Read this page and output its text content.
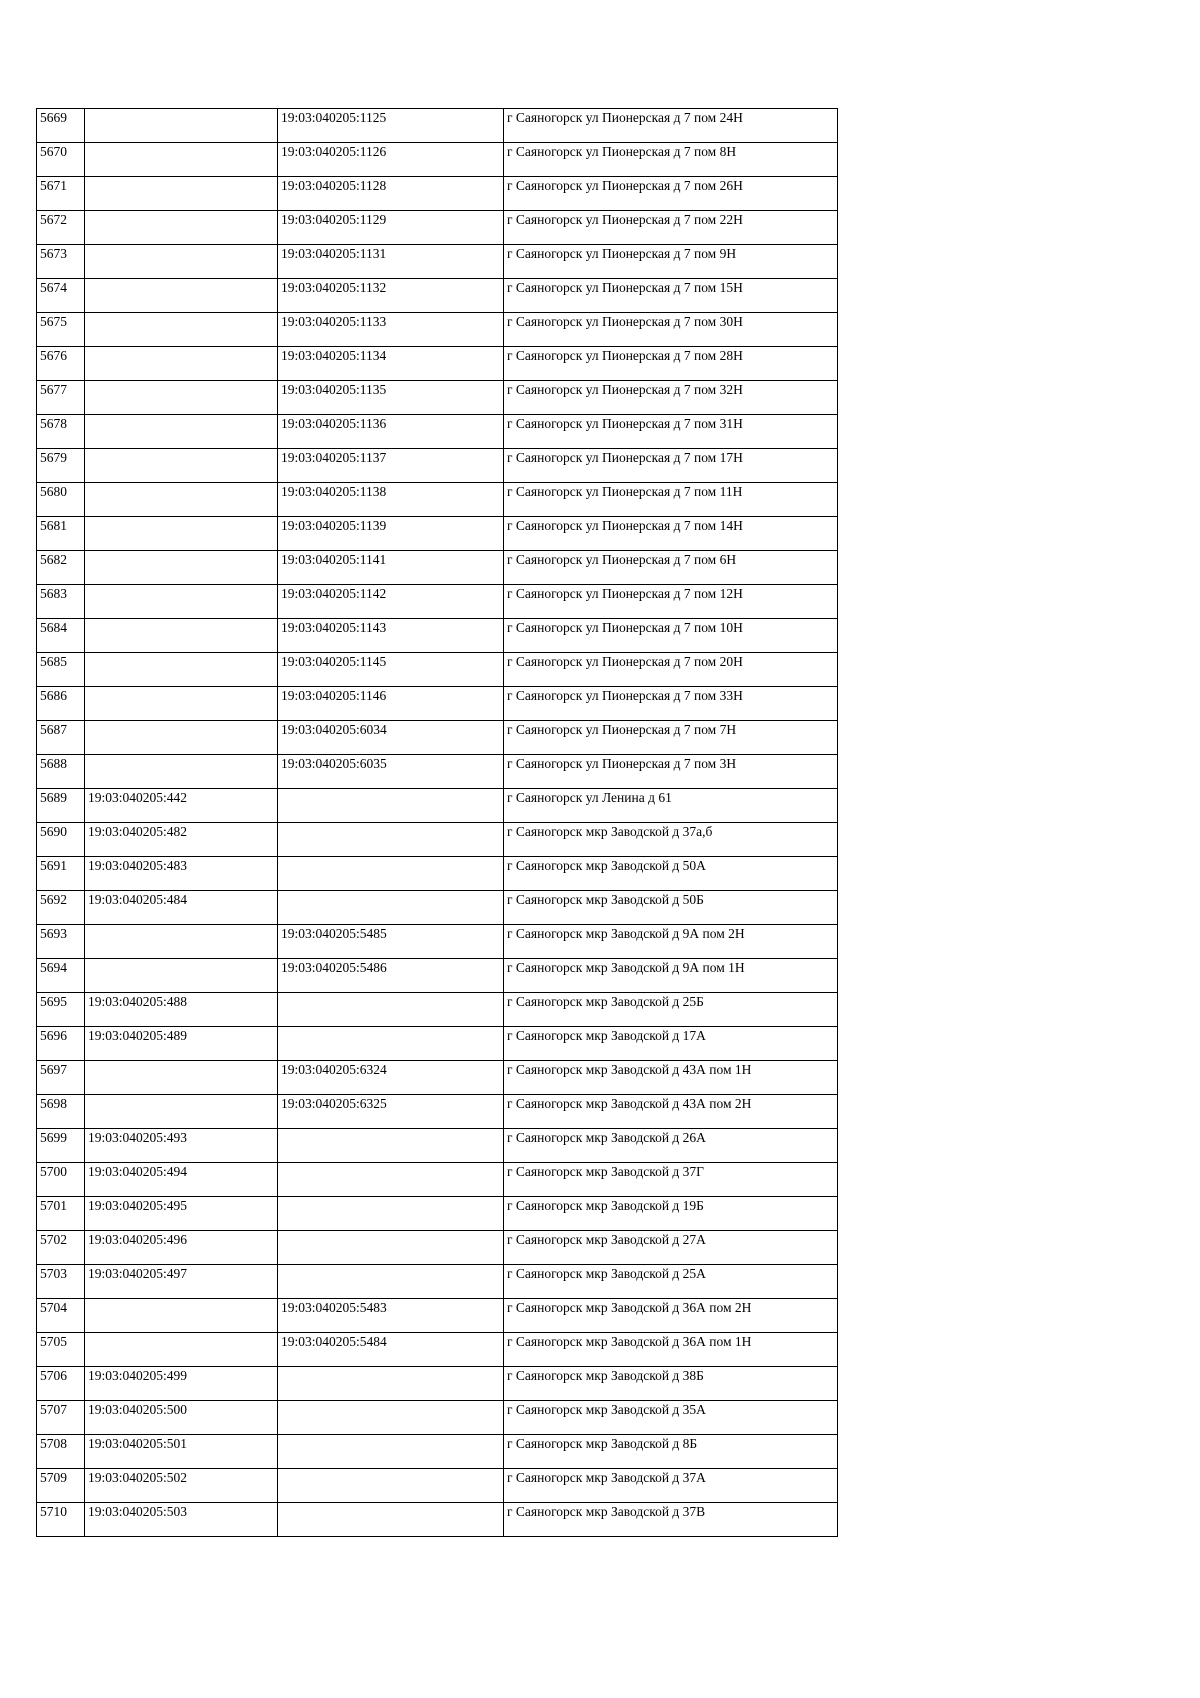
5669		19:03:040205:1125	г Саяногорск ул Пионерская д 7 пом 24Н
5670		19:03:040205:1126	г Саяногорск ул Пионерская д 7 пом 8Н
5671		19:03:040205:1128	г Саяногорск ул Пионерская д 7 пом 26Н
5672		19:03:040205:1129	г Саяногорск ул Пионерская д 7 пом 22Н
5673		19:03:040205:1131	г Саяногорск ул Пионерская д 7 пом 9Н
5674		19:03:040205:1132	г Саяногорск ул Пионерская д 7 пом 15Н
5675		19:03:040205:1133	г Саяногорск ул Пионерская д 7 пом 30Н
5676		19:03:040205:1134	г Саяногорск ул Пионерская д 7 пом 28Н
5677		19:03:040205:1135	г Саяногорск ул Пионерская д 7 пом 32Н
5678		19:03:040205:1136	г Саяногорск ул Пионерская д 7 пом 31Н
5679		19:03:040205:1137	г Саяногорск ул Пионерская д 7 пом 17Н
5680		19:03:040205:1138	г Саяногорск ул Пионерская д 7 пом 11Н
5681		19:03:040205:1139	г Саяногорск ул Пионерская д 7 пом 14Н
5682		19:03:040205:1141	г Саяногорск ул Пионерская д 7 пом 6Н
5683		19:03:040205:1142	г Саяногорск ул Пионерская д 7 пом 12Н
5684		19:03:040205:1143	г Саяногорск ул Пионерская д 7 пом 10Н
5685		19:03:040205:1145	г Саяногорск ул Пионерская д 7 пом 20Н
5686		19:03:040205:1146	г Саяногорск ул Пионерская д 7 пом 33Н
5687		19:03:040205:6034	г Саяногорск ул Пионерская д 7 пом 7Н
5688		19:03:040205:6035	г Саяногорск ул Пионерская д 7 пом 3Н
5689	19:03:040205:442		г Саяногорск ул Ленина д 61
5690	19:03:040205:482		г Саяногорск мкр Заводской д 37а,б
5691	19:03:040205:483		г Саяногорск мкр Заводской д 50А
5692	19:03:040205:484		г Саяногорск мкр Заводской д 50Б
5693		19:03:040205:5485	г Саяногорск мкр Заводской д 9А пом 2Н
5694		19:03:040205:5486	г Саяногорск мкр Заводской д 9А пом 1Н
5695	19:03:040205:488		г Саяногорск мкр Заводской д 25Б
5696	19:03:040205:489		г Саяногорск мкр Заводской д 17А
5697		19:03:040205:6324	г Саяногорск мкр Заводской д 43А пом 1Н
5698		19:03:040205:6325	г Саяногорск мкр Заводской д 43А пом 2Н
5699	19:03:040205:493		г Саяногорск мкр Заводской д 26А
5700	19:03:040205:494		г Саяногорск мкр Заводской д 37Г
5701	19:03:040205:495		г Саяногорск мкр Заводской д 19Б
5702	19:03:040205:496		г Саяногорск мкр Заводской д 27А
5703	19:03:040205:497		г Саяногорск мкр Заводской д 25А
5704		19:03:040205:5483	г Саяногорск мкр Заводской д 36А пом 2Н
5705		19:03:040205:5484	г Саяногорск мкр Заводской д 36А пом 1Н
5706	19:03:040205:499		г Саяногорск мкр Заводской д 38Б
5707	19:03:040205:500		г Саяногорск мкр Заводской д 35А
5708	19:03:040205:501		г Саяногорск мкр Заводской д 8Б
5709	19:03:040205:502		г Саяногорск мкр Заводской д 37А
5710	19:03:040205:503		г Саяногорск мкр Заводской д 37В
